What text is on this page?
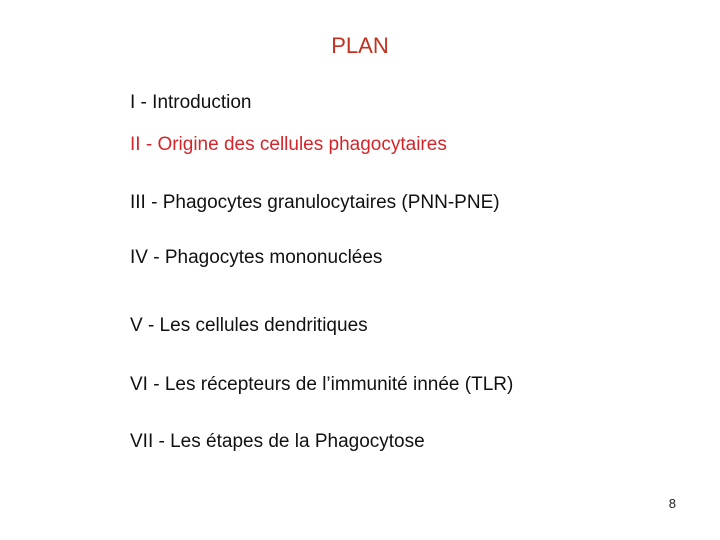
PLAN
I - Introduction
II - Origine des cellules phagocytaires
III - Phagocytes granulocytaires (PNN-PNE)
IV - Phagocytes mononuclées
V - Les cellules dendritiques
VI - Les récepteurs de l’immunité innée (TLR)
VII - Les étapes de la Phagocytose
8
